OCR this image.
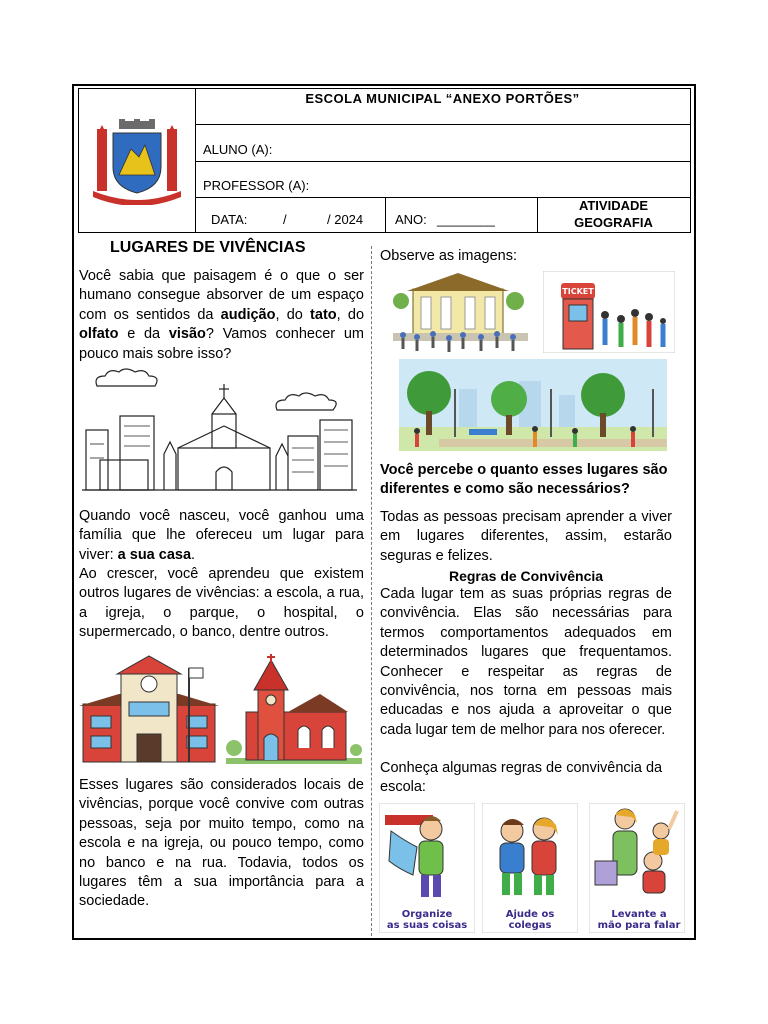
· · · · · · · ·
ESCOLA MUNICIPAL “ANEXO PORTÕES”
ALUNO (A):
PROFESSOR (A):
DATA:	/	/ 2024 ANO: ________
ATIVIDADE
GEOGRAFIA
LUGARES DE VIVÊNCIAS
Você sabia que paisagem é o que o ser humano consegue absorver de um espaço com os sentidos da audição, do tato, do olfato e da visão? Vamos conhecer um pouco mais sobre isso?
Quando você nasceu, você ganhou uma família que lhe ofereceu um lugar para viver: a sua casa.
Ao crescer, você aprendeu que existem outros lugares de vivências: a escola, a rua, a igreja, o parque, o hospital, o supermercado, o banco, dentre outros.
Esses lugares são considerados locais de vivências, porque você convive com outras pessoas, seja por muito tempo, como na escola e na igreja, ou pouco tempo, como no banco e na rua. Todavia, todos os lugares têm a sua importância para a sociedade.
Observe as imagens:
TICKET
Você percebe o quanto esses lugares são diferentes e como são necessários?
Todas as pessoas precisam aprender a viver em lugares diferentes, assim, estarão seguras e felizes.
Regras de Convivência
Cada lugar tem as suas próprias regras de convivência. Elas são necessárias para termos comportamentos adequados em determinados lugares que frequentamos. Conhecer e respeitar as regras de convivência, nos torna em pessoas mais educadas e nos ajuda a aproveitar o que cada lugar tem de melhor para nos oferecer.
Conheça algumas regras de convivência da escola:
Organize
as suas coisas
Ajude os
colegas
Levante a
mão para falar
